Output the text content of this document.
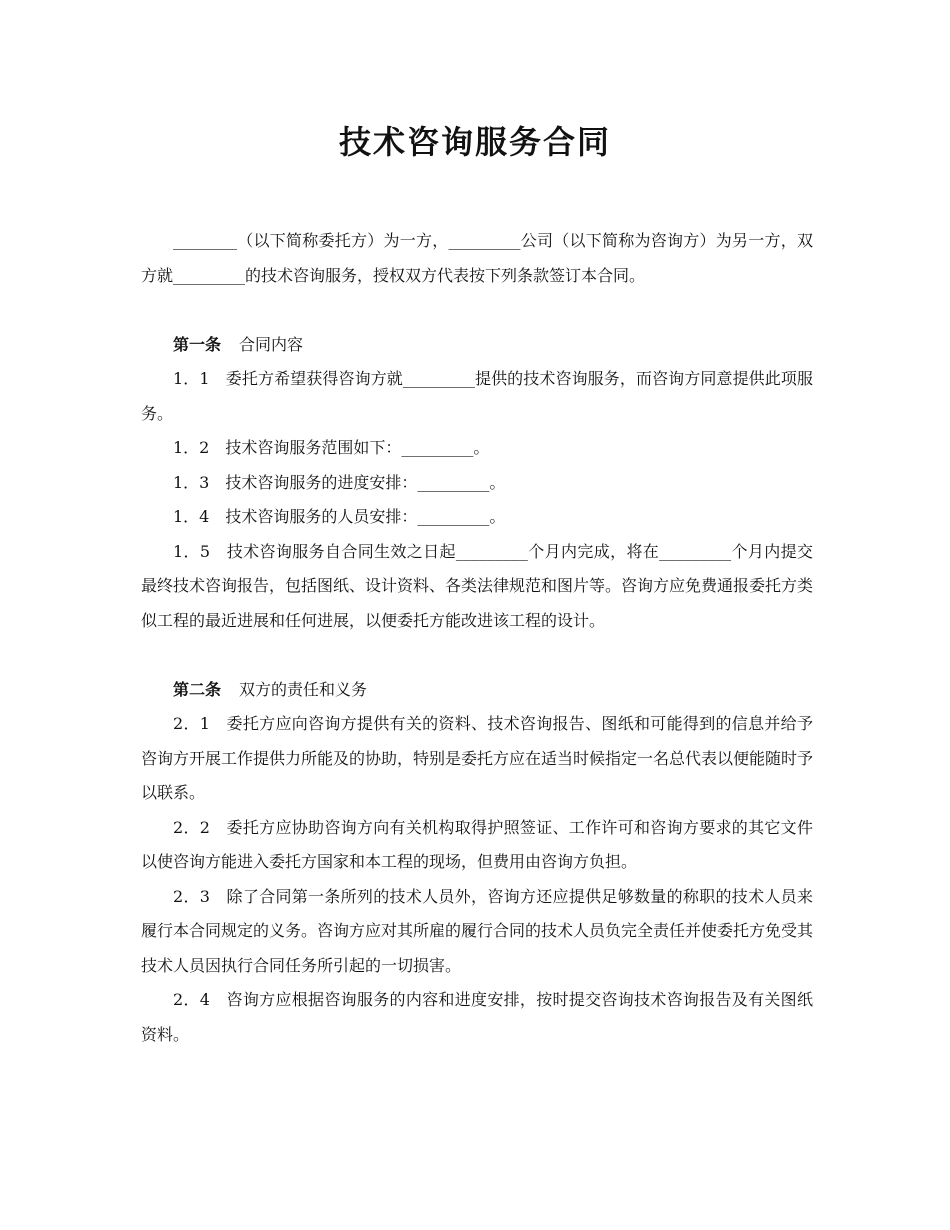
技术咨询服务合同

________（以下简称委托方）为一方，_________公司（以下简称为咨询方）为另一方，双方就_________的技术咨询服务，授权双方代表按下列条款签订本合同。

第一条 合同内容

1．1　委托方希望获得咨询方就_________提供的技术咨询服务，而咨询方同意提供此项服务。

1．2　技术咨询服务范围如下：_________。

1．3　技术咨询服务的进度安排：_________。

1．4　技术咨询服务的人员安排：_________。

1．5　技术咨询服务自合同生效之日起_________个月内完成，将在_________个月内提交最终技术咨询报告，包括图纸、设计资料、各类法律规范和图片等。咨询方应免费通报委托方类似工程的最近进展和任何进展，以便委托方能改进该工程的设计。

第二条 双方的责任和义务

2．1　委托方应向咨询方提供有关的资料、技术咨询报告、图纸和可能得到的信息并给予咨询方开展工作提供力所能及的协助，特别是委托方应在适当时候指定一名总代表以便能随时予以联系。

2．2　委托方应协助咨询方向有关机构取得护照签证、工作许可和咨询方要求的其它文件以使咨询方能进入委托方国家和本工程的现场，但费用由咨询方负担。

2．3　除了合同第一条所列的技术人员外，咨询方还应提供足够数量的称职的技术人员来履行本合同规定的义务。咨询方应对其所雇的履行合同的技术人员负完全责任并使委托方免受其技术人员因执行合同任务所引起的一切损害。

2．4　咨询方应根据咨询服务的内容和进度安排，按时提交咨询技术咨询报告及有关图纸资料。
